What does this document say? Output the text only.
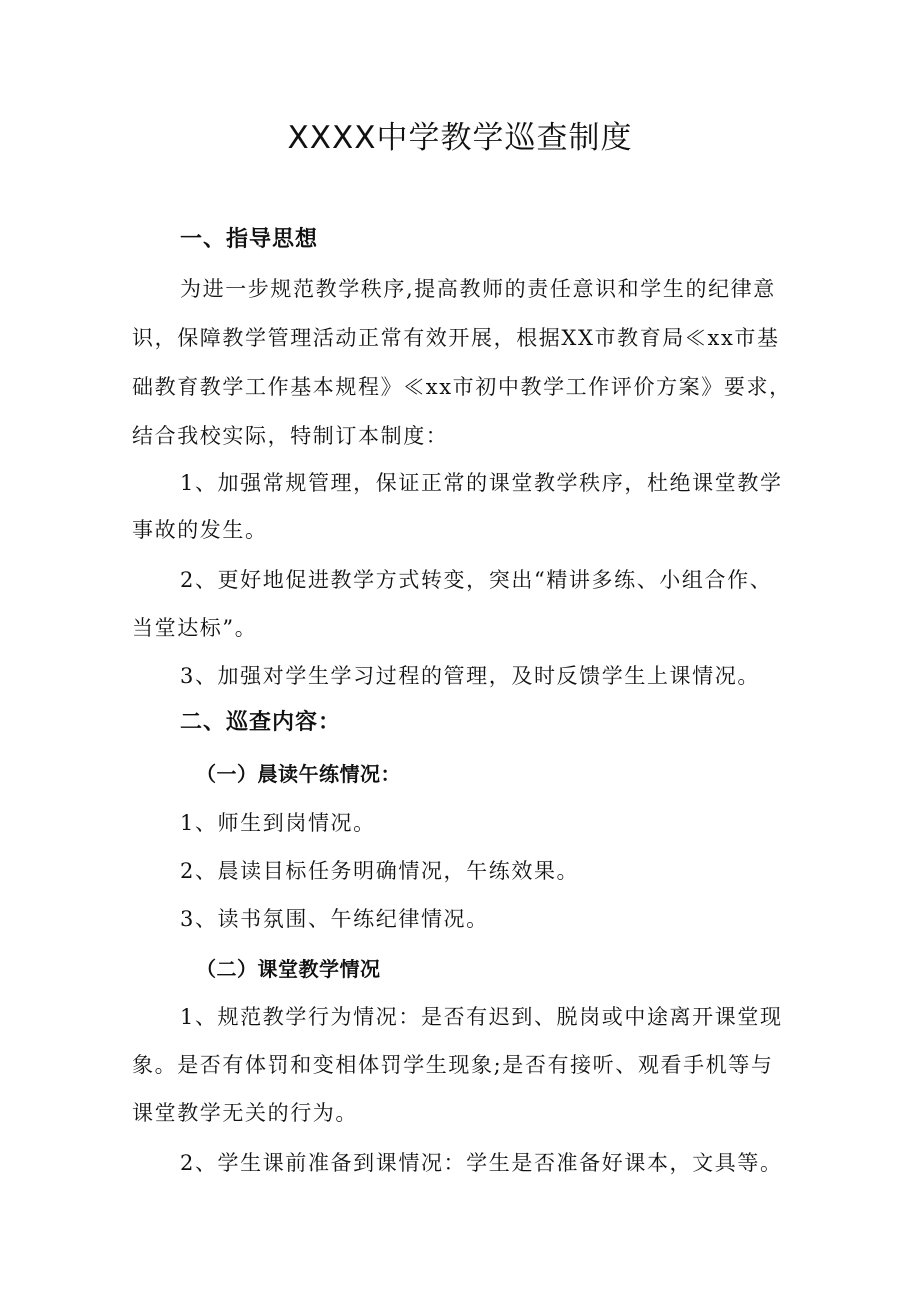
XXXX中学教学巡查制度
一、指导思想
为进一步规范教学秩序,提高教师的责任意识和学生的纪律意
识，保障教学管理活动正常有效开展，根据XX市教育局≪xx市基
础教育教学工作基本规程》≪xx市初中教学工作评价方案》要求，
结合我校实际，特制订本制度：
1、加强常规管理，保证正常的课堂教学秩序，杜绝课堂教学
事故的发生。
2、更好地促进教学方式转变，突出“精讲多练、小组合作、
当堂达标”。
3、加强对学生学习过程的管理，及时反馈学生上课情况。
二、巡查内容：
（一）晨读午练情况：
1、师生到岗情况。
2、晨读目标任务明确情况，午练效果。
3、读书氛围、午练纪律情况。
（二）课堂教学情况
1、规范教学行为情况：是否有迟到、脱岗或中途离开课堂现
象。是否有体罚和变相体罚学生现象;是否有接听、观看手机等与
课堂教学无关的行为。
2、学生课前准备到课情况：学生是否准备好课本，文具等。
